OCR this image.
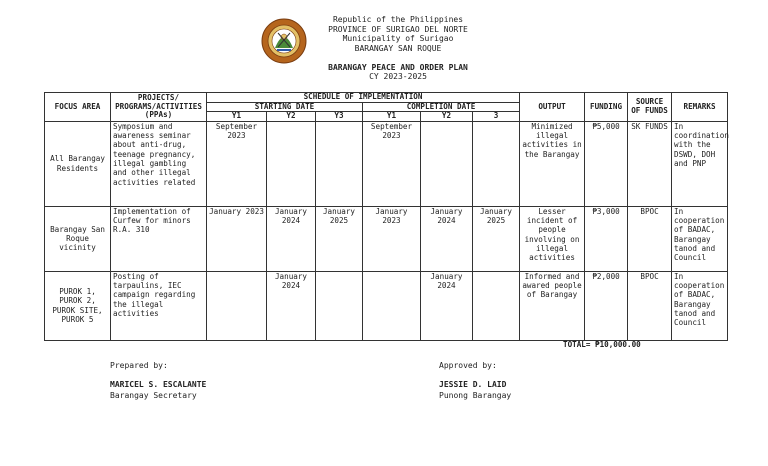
Republic of the Philippines
PROVINCE OF SURIGAO DEL NORTE
Municipality of Surigao
BARANGAY SAN ROQUE
BARANGAY PEACE AND ORDER PLAN
CY 2023-2025
FOCUS AREA	PROJECTS/ PROGRAMS/ACTIVITIES (PPAs)	SCHEDULE OF IMPLEMENTATION						OUTPUT	FUNDING	SOURCE OF FUNDS	REMARKS
		STARTING DATE			COMPLETION DATE						
		Y1	Y2	Y3	Y1	Y2	3				
All Barangay Residents	Symposium and awareness seminar about anti-drug, teenage pregnancy, illegal gambling and other illegal activities related	September 2023			September 2023			Minimized illegal activities in the Barangay	₱5,000	SK FUNDS	In coordination with the DSWD, DOH and PNP
Barangay San Roque vicinity	Implementation of Curfew for minors R.A. 310	January 2023	January 2024	January 2025	January 2023	January 2024	January 2025	Lesser incident of people involving on illegal activities	₱3,000	BPOC	In cooperation of BADAC, Barangay tanod and Council
PUROK 1, PUROK 2, PUROK SITE, PUROK 5	Posting of tarpaulins, IEC campaign regarding the illegal activities		January 2024			January 2024		Informed and awared people of Barangay	₱2,000	BPOC	In cooperation of BADAC, Barangay tanod and Council
TOTAL= ₱10,000.00
Prepared by:
MARICEL S. ESCALANTE
Barangay Secretary
Approved by:
JESSIE D. LAID
Punong Barangay
